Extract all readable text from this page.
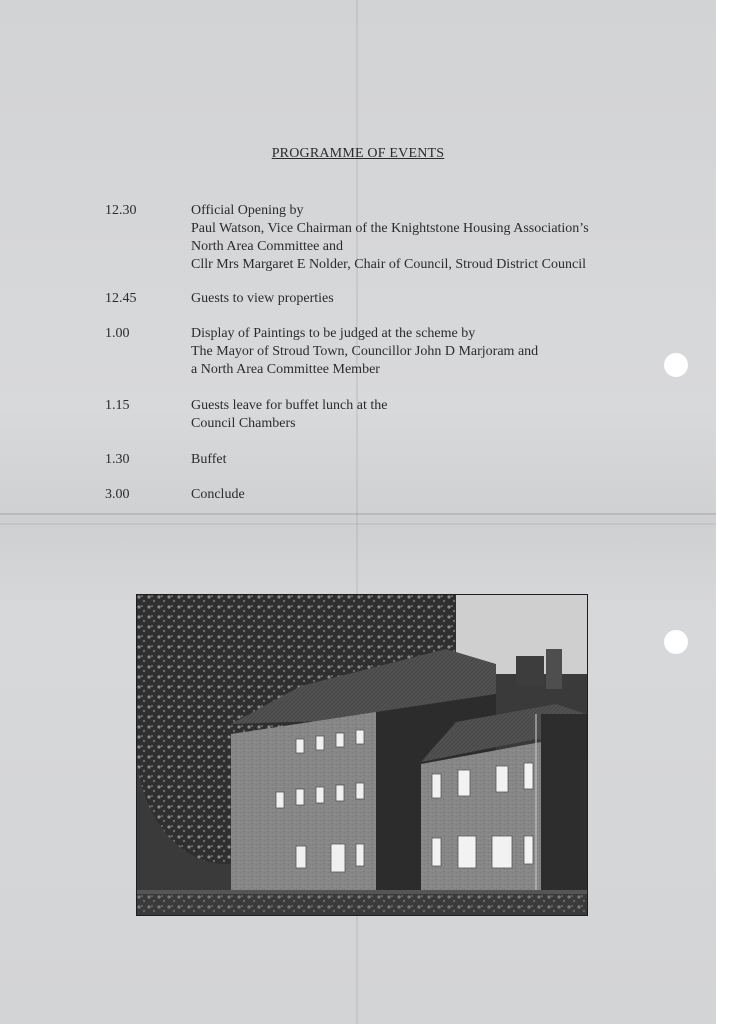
PROGRAMME OF EVENTS
12.30	Official Opening by
Paul Watson, Vice Chairman of the Knightstone Housing Association’s
North Area Committee and
Cllr Mrs Margaret E Nolder, Chair of Council, Stroud District Council
12.45	Guests to view properties
1.00	Display of Paintings to be judged at the scheme by
The Mayor of Stroud Town, Councillor John D Marjoram and
a North Area Committee Member
1.15	Guests leave for buffet lunch at the
Council Chambers
1.30	Buffet
3.00	Conclude
